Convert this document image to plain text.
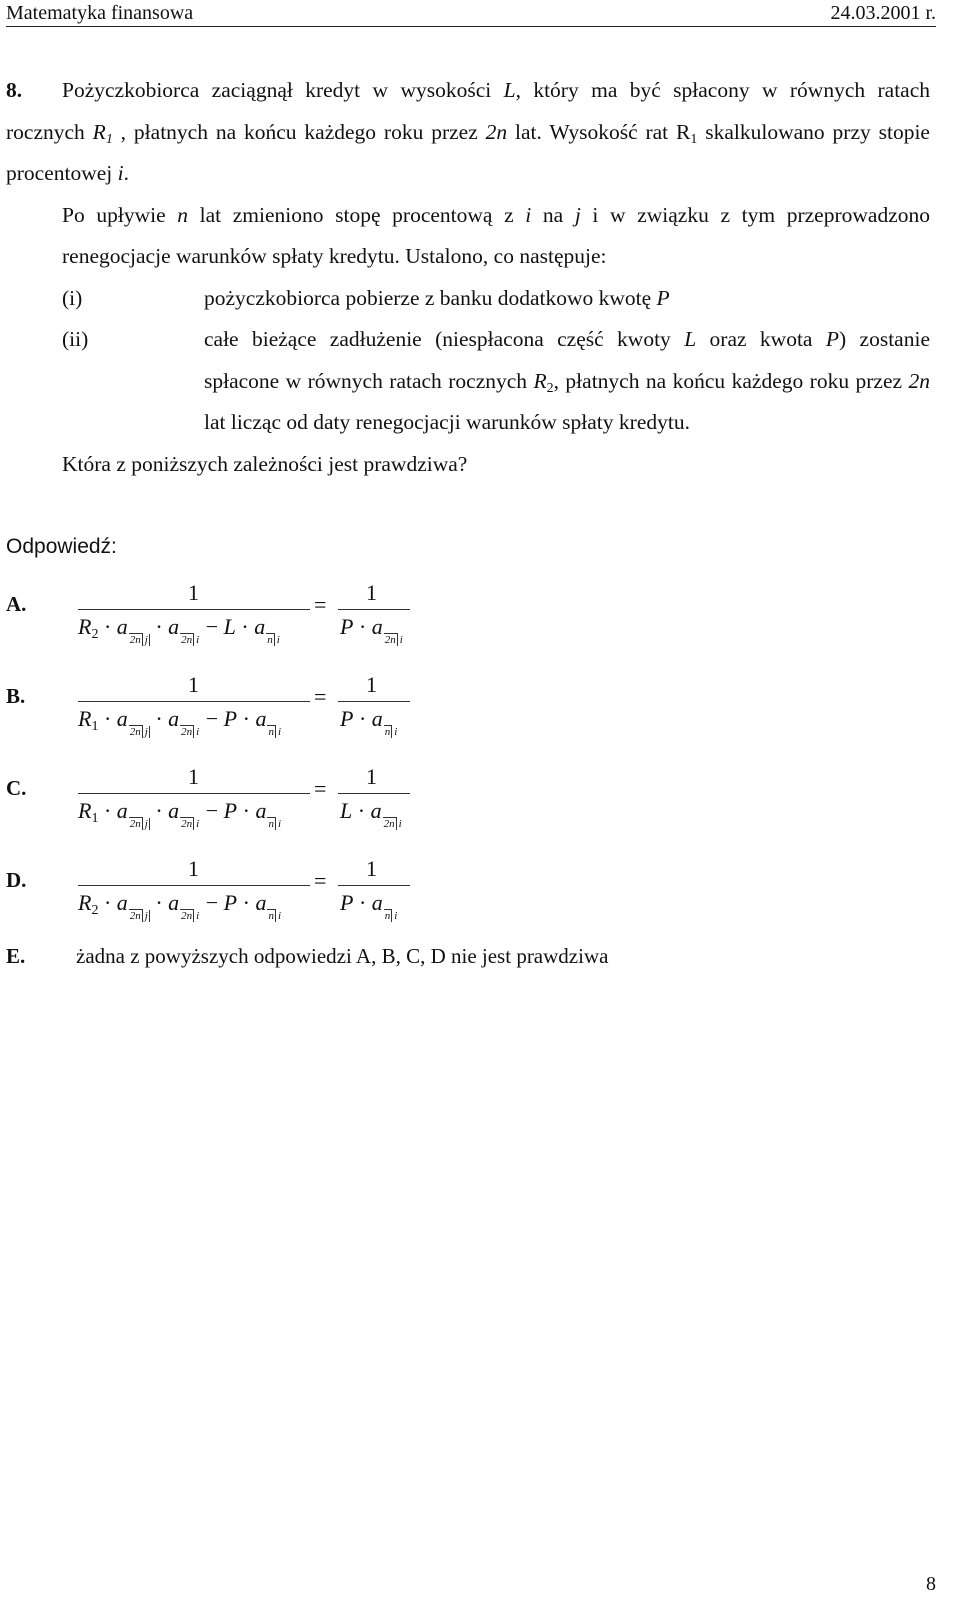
Matematyka finansowa	24.03.2001 r.

8. Pożyczkobiorca zaciągnął kredyt w wysokości L, który ma być spłacony w równych ratach rocznych $R_1$ , płatnych na końcu każdego roku przez 2n lat. Wysokość rat $R_1$ skalkulowano przy stopie procentowej i.

Po upływie n lat zmieniono stopę procentową z i na j i w związku z tym przeprowadzono renegocjacje warunków spłaty kredytu. Ustalono, co następuje:

(i)	pożyczkobiorca pobierze z banku dodatkowo kwotę P
(ii)	całe bieżące zadłużenie (niespłacona część kwoty L oraz kwota P) zostanie spłacone w równych ratach rocznych $R_2$, płatnych na końcu każdego roku przez 2n lat licząc od daty renegocjacji warunków spłaty kredytu.

Która z poniższych zależności jest prawdziwa?

Odpowiedź:
A.	1
$R_2 \cdot a_{2n}$ $_j \cdot a_{2n}$ $_i - L \cdot a_n$ $_i$
= 1
$P \cdot a_{2n}$ $_i$
B.	1
$R_1 \cdot a_{2n}$ $_j \cdot a_{2n}$ $_i - P \cdot a_n$ $_i$
= 1
$P \cdot a_n$ $_i$
C.	1
$R_1 \cdot a_{2n}$ $_j \cdot a_{2n}$ $_i - P \cdot a_n$ $_i$
= 1
$L \cdot a_{2n}$ $_i$
D.	1
$R_2 \cdot a_{2n}$ $_j \cdot a_{2n}$ $_i - P \cdot a_n$ $_i$
= 1
$P \cdot a_n$ $_i$
E. żadna z powyższych odpowiedzi A, B, C, D nie jest prawdziwa
8
